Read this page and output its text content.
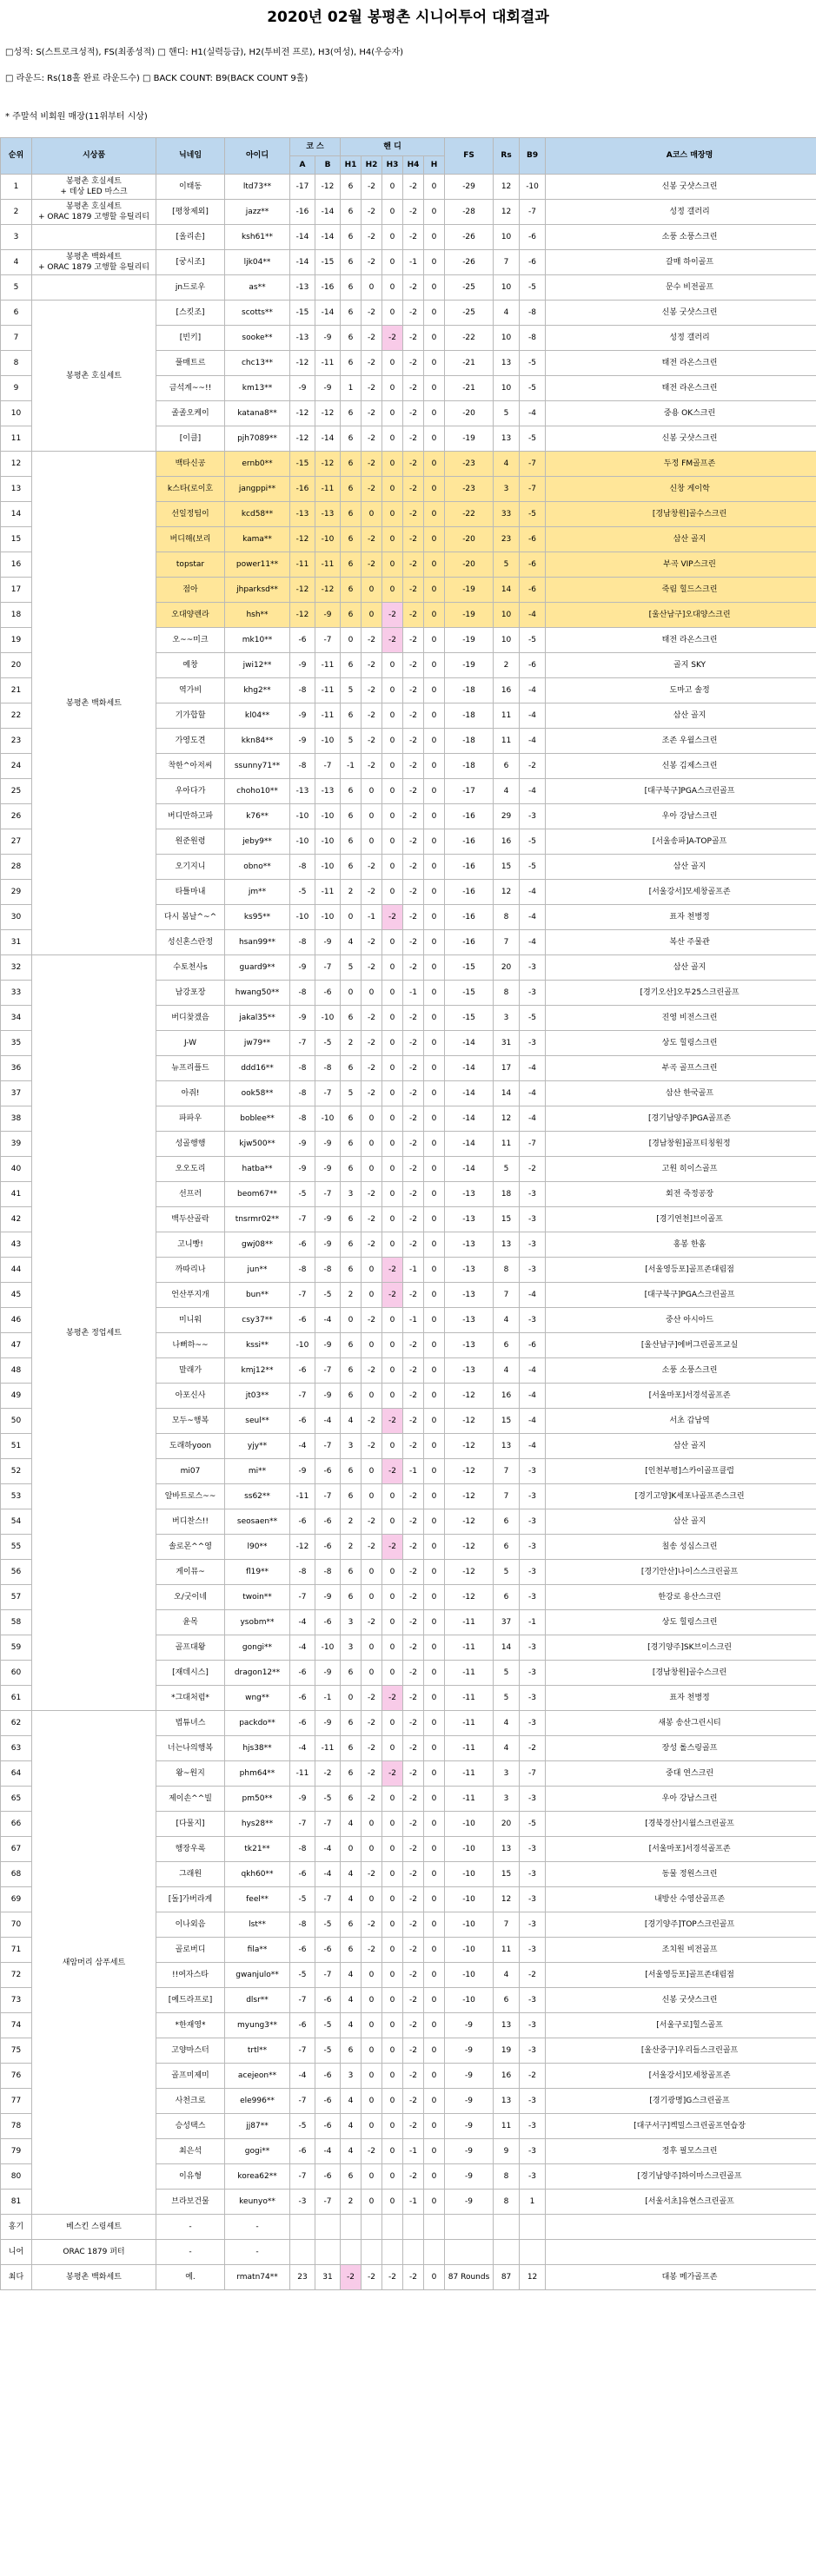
2020년 02월 봉평촌 시니어투어 대회결과
□성적: S(스트로크성적), FS(최종성적) □ 핸디: H1(실력등급), H2(투비전 프로), H3(여성), H4(우승자)
□ 라운드: Rs(18홀 완료 라운드수) □ BACK COUNT: B9(BACK COUNT 9홀)
* 주말석 비회원 매장(11위부터 시상)
순위	시상품	닉네임	아이디	코 스		핸 디					FS	Rs	B9	A코스 매장명
				A	B	H1	H2	H3	H4	H				
1	봉평촌 호실세트
+ 데상 LED 마스크	이태동	ltd73**	-17	-12	6	-2	0	-2	0	-29	12	-10	신봉 굿샷스크린
2	봉평촌 호실세트
+ ORAC 1879 고행할 유틸리티	[평창제외]	jazz**	-16	-14	6	-2	0	-2	0	-28	12	-7	성정 갤러리
3		[올리손]	ksh61**	-14	-14	6	-2	0	-2	0	-26	10	-6	소풍 소풍스크린
4	봉평촌 백화세트
+ ORAC 1879 고행할 유틸리티	[궁시조]	ljk04**	-14	-15	6	-2	0	-1	0	-26	7	-6	갈매 하이골프
5		jn드로우	as**	-13	-16	6	0	0	-2	0	-25	10	-5	문수 비전골프
6	봉평촌 호실세트	[스킷조]	scotts**	-15	-14	6	-2	0	-2	0	-25	4	-8	신봉 굿샷스크린
7		[빈키]	sooke**	-13	-9	6	-2	-2	-2	0	-22	10	-8	성정 갤러리
8		풀매트르	chc13**	-12	-11	6	-2	0	-2	0	-21	13	-5	태전 라온스크린
9		금석계~~!!	km13**	-9	-9	1	-2	0	-2	0	-21	10	-5	태전 라온스크린
10		졸졸오케이	katana8**	-12	-12	6	-2	0	-2	0	-20	5	-4	중용 OK스크린
11		[이클]	pjh7089**	-12	-14	6	-2	0	-2	0	-19	13	-5	신봉 굿샷스크린
12	봉평촌 백화세트	백타신공	ernb0**	-15	-12	6	-2	0	-2	0	-23	4	-7	두정 FM골프존
13		k스타(로이호	jangppi**	-16	-11	6	-2	0	-2	0	-23	3	-7	신창 게이학
14		선일정팀이	kcd58**	-13	-13	6	0	0	-2	0	-22	33	-5	[경남창원]골수스크린
15		버디해(보리	kama**	-12	-10	6	-2	0	-2	0	-20	23	-6	삼산 골지
16		topstar	power11**	-11	-11	6	-2	0	-2	0	-20	5	-6	부곡 VIP스크린
17		점아	jhparksd**	-12	-12	6	0	0	-2	0	-19	14	-6	죽림 힐드스크린
18		오대양렌라	hsh**	-12	-9	6	0	-2	-2	0	-19	10	-4	[울산남구]오대양스크린
19		오~~미크	mk10**	-6	-7	0	-2	-2	-2	0	-19	10	-5	태전 라온스크린
20		예창	jwi12**	-9	-11	6	-2	0	-2	0	-19	2	-6	골지 SKY
21		역가비	khg2**	-8	-11	5	-2	0	-2	0	-18	16	-4	도마고 솔정
22		기가합할	kl04**	-9	-11	6	-2	0	-2	0	-18	11	-4	삼산 골지
23		가영도견	kkn84**	-9	-10	5	-2	0	-2	0	-18	11	-4	조존 우월스크린
24		착한^아저씨	ssunny71**	-8	-7	-1	-2	0	-2	0	-18	6	-2	신봉 김제스크린
25		우아다가	choho10**	-13	-13	6	0	0	-2	0	-17	4	-4	[대구북구]PGA스크린골프
26		버디만하고파	k76**	-10	-10	6	0	0	-2	0	-16	29	-3	우아 강남스크린
27		원준원령	jeby9**	-10	-10	6	0	0	-2	0	-16	16	-5	[서울송파]A-TOP골프
28		오기지니	obno**	-8	-10	6	-2	0	-2	0	-16	15	-5	삼산 골지
29		타틀마내	jm**	-5	-11	2	-2	0	-2	0	-16	12	-4	[서울강서]모세창골프존
30		다시 봄날^~^	ks95**	-10	-10	0	-1	-2	-2	0	-16	8	-4	표자 천병정
31		성신혼스란정	hsan99**	-8	-9	4	-2	0	-2	0	-16	7	-4	복산 주물관
32	봉평촌 정업세트	수토천사s	guard9**	-9	-7	5	-2	0	-2	0	-15	20	-3	삼산 골지
33		남강포장	hwang50**	-8	-6	0	0	0	-1	0	-15	8	-3	[경기오산]오투25스크린골프
34		버디찾겠음	jakal35**	-9	-10	6	-2	0	-2	0	-15	3	-5	진영 비전스크린
35		J-W	jw79**	-7	-5	2	-2	0	-2	0	-14	31	-3	상도 힐링스크린
36		뉴프리플드	ddd16**	-8	-8	6	-2	0	-2	0	-14	17	-4	부곡 골프스크린
37		아쥐!	ook58**	-8	-7	5	-2	0	-2	0	-14	14	-4	삼산 한국골프
38		파파우	boblee**	-8	-10	6	0	0	-2	0	-14	12	-4	[경기남양주]PGA골프존
39		성골행행	kjw500**	-9	-9	6	0	0	-2	0	-14	11	-7	[경남창원]골프티칭원정
40		오오도리	hatba**	-9	-9	6	0	0	-2	0	-14	5	-2	고원 히이스골프
41		선프러	beom67**	-5	-7	3	-2	0	-2	0	-13	18	-3	회전 죽정공장
42		백두산골락	tnsrmr02**	-7	-9	6	-2	0	-2	0	-13	15	-3	[경기연천]브이골프
43		고니빵!	gwj08**	-6	-9	6	-2	0	-2	0	-13	13	-3	홍봉 한홈
44		까따리나	jun**	-8	-8	6	0	-2	-1	0	-13	8	-3	[서울영등포]골프존대림점
45		언산푸지개	bun**	-7	-5	2	0	-2	-2	0	-13	7	-4	[대구북구]PGA스크린골프
46		미니워	csy37**	-6	-4	0	-2	0	-1	0	-13	4	-3	중산 아시아드
47		나뻐하~~	kssi**	-10	-9	6	0	0	-2	0	-13	6	-6	[울산남구]에버그린골프교실
48		말래가	kmj12**	-6	-7	6	-2	0	-2	0	-13	4	-4	소풍 소풍스크린
49		아포신사	jt03**	-7	-9	6	0	0	-2	0	-12	16	-4	[서울마포]서경석골프존
50		모두~행복	seul**	-6	-4	4	-2	-2	-2	0	-12	15	-4	서초 갑남역
51		도래하yoon	yjy**	-4	-7	3	-2	0	-2	0	-12	13	-4	삼산 골지
52		mi07	mi**	-9	-6	6	0	-2	-1	0	-12	7	-3	[인천부평]스카이골프클럽
53		알바트로스~~	ss62**	-11	-7	6	0	0	-2	0	-12	7	-3	[경기고양]K세포나골프존스크린
54		버디찬스!!	seosaen**	-6	-6	2	-2	0	-2	0	-12	6	-3	삼산 골지
55		솔로몬^^영	l90**	-12	-6	2	-2	-2	-2	0	-12	6	-3	칠송 성심스크린
56		게이뮤~	fl19**	-8	-8	6	0	0	-2	0	-12	5	-3	[경기안산]나이스스크린골프
57		오/굿이네	twoin**	-7	-9	6	0	0	-2	0	-12	6	-3	한강로 용산스크린
58		윤목	ysobm**	-4	-6	3	-2	0	-2	0	-11	37	-1	상도 힐링스크린
59		골프대왕	gongi**	-4	-10	3	0	0	-2	0	-11	14	-3	[경기양주]SK브이스크린
60		[재데시스]	dragon12**	-6	-9	6	0	0	-2	0	-11	5	-3	[경남창원]골수스크린
61		*그대처럼*	wng**	-6	-1	0	-2	-2	-2	0	-11	5	-3	표자 천병정
62	새암머리 삼푸세트	법튜녀스	packdo**	-6	-9	6	-2	0	-2	0	-11	4	-3	새봉 송산그린시티
63		너는나의행복	hjs38**	-4	-11	6	-2	0	-2	0	-11	4	-2	장성 롤스링골프
64		왕~원지	phm64**	-11	-2	6	-2	-2	-2	0	-11	3	-7	중대 연스크린
65		제이손^^빌	pm50**	-9	-5	6	-2	0	-2	0	-11	3	-3	우아 강남스크린
66		[다물지]	hys28**	-7	-7	4	0	0	-2	0	-10	20	-5	[경북경산]시월스크린골프
67		행장우록	tk21**	-8	-4	0	0	0	-2	0	-10	13	-3	[서울마포]서경석골프존
68		그래원	qkh60**	-6	-4	4	-2	0	-2	0	-10	15	-3	동물 정원스크린
69		[돌]가버라게	feel**	-5	-7	4	0	0	-2	0	-10	12	-3	내방산 수영산골프존
70		이나외음	lst**	-8	-5	6	-2	0	-2	0	-10	7	-3	[경기양주]TOP스크린골프
71		골로버디	fila**	-6	-6	6	-2	0	-2	0	-10	11	-3	조치원 비전골프
72		!!여자스타	gwanjulo**	-5	-7	4	0	0	-2	0	-10	4	-2	[서울영등포]골프존대림점
73		[예드라프로]	dlsr**	-7	-6	4	0	0	-2	0	-10	6	-3	신봉 굿샷스크린
74		*한재영*	myung3**	-6	-5	4	0	0	-2	0	-9	13	-3	[서울구로]힐스골프
75		고양마스터	trtl**	-7	-5	6	0	0	-2	0	-9	19	-3	[울산중구]우리들스크린골프
76		골프미제미	acejeon**	-4	-6	3	0	0	-2	0	-9	16	-2	[서울강서]모세창골프존
77		사천크로	ele996**	-7	-6	4	0	0	-2	0	-9	13	-3	[경기광명]G스크린골프
78		승성택스	jj87**	-5	-6	4	0	0	-2	0	-9	11	-3	[대구서구]켁밀스크린골프연습장
79		최은석	gogi**	-6	-4	4	-2	0	-1	0	-9	9	-3	정후 필모스크린
80		이유형	korea62**	-7	-6	6	0	0	-2	0	-9	8	-3	[경기남양주]하이마스크린골프
81		브라보건물	keunyo**	-3	-7	2	0	0	-1	0	-9	8	1	[서울서초]유현스크린골프
홍기	베스킨 스링셰트	-	-											
니어	ORAC 1879 퍼터	-	-											
최다	봉평촌 백화세트	예.	rmatn74**	23	31	-2	-2	-2	-2	0	87 Rounds	87	12	대봉 메가골프존
